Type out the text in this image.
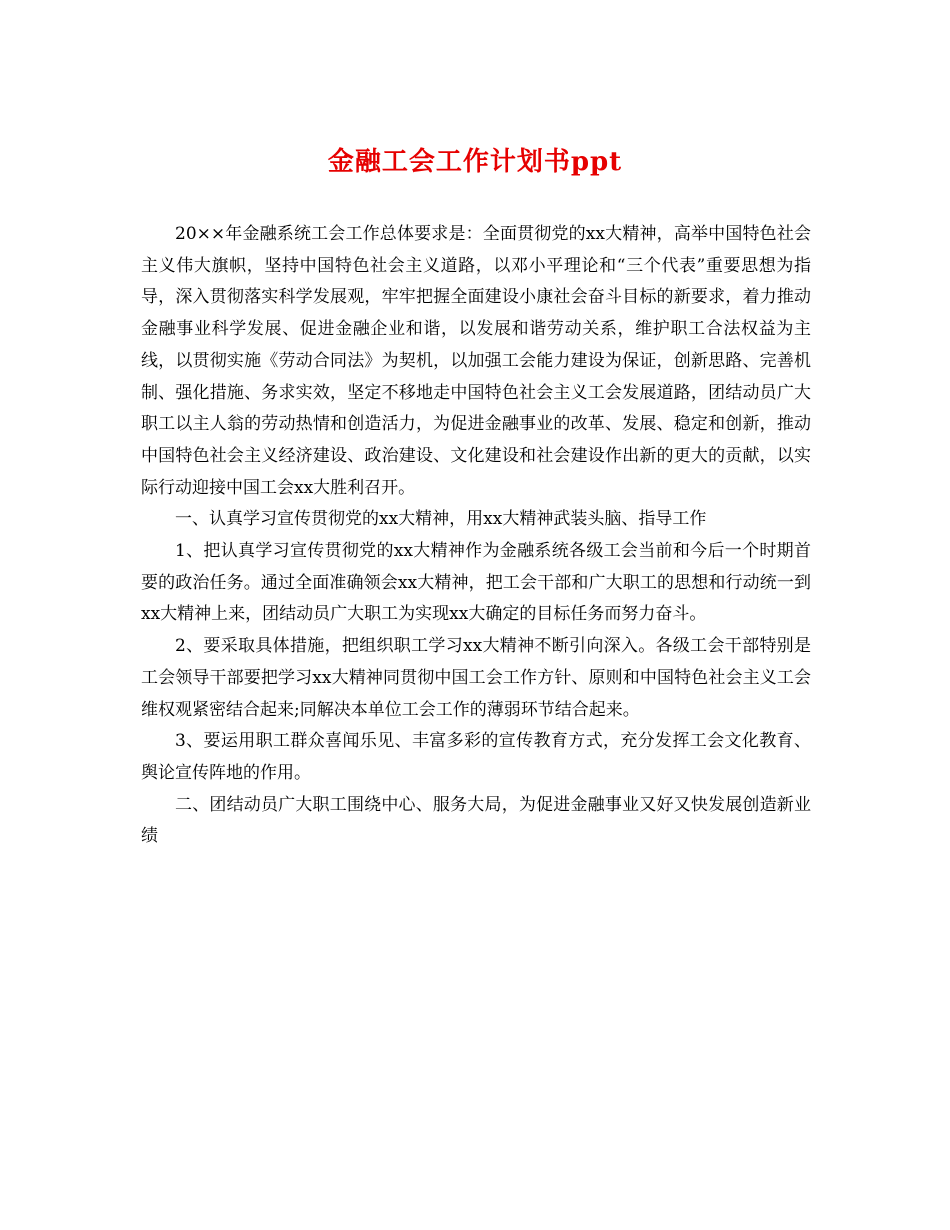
金融工会工作计划书ppt

20××年金融系统工会工作总体要求是：全面贯彻党的xx大精神，高举中国特色社会主义伟大旗帜，坚持中国特色社会主义道路，以邓小平理论和“三个代表”重要思想为指导，深入贯彻落实科学发展观，牢牢把握全面建设小康社会奋斗目标的新要求，着力推动金融事业科学发展、促进金融企业和谐，以发展和谐劳动关系，维护职工合法权益为主线，以贯彻实施《劳动合同法》为契机，以加强工会能力建设为保证，创新思路、完善机制、强化措施、务求实效，坚定不移地走中国特色社会主义工会发展道路，团结动员广大职工以主人翁的劳动热情和创造活力，为促进金融事业的改革、发展、稳定和创新，推动中国特色社会主义经济建设、政治建设、文化建设和社会建设作出新的更大的贡献，以实际行动迎接中国工会xx大胜利召开。

一、认真学习宣传贯彻党的xx大精神，用xx大精神武装头脑、指导工作

1、把认真学习宣传贯彻党的xx大精神作为金融系统各级工会当前和今后一个时期首要的政治任务。通过全面准确领会xx大精神，把工会干部和广大职工的思想和行动统一到xx大精神上来，团结动员广大职工为实现xx大确定的目标任务而努力奋斗。

2、要采取具体措施，把组织职工学习xx大精神不断引向深入。各级工会干部特别是工会领导干部要把学习xx大精神同贯彻中国工会工作方针、原则和中国特色社会主义工会维权观紧密结合起来;同解决本单位工会工作的薄弱环节结合起来。

3、要运用职工群众喜闻乐见、丰富多彩的宣传教育方式，充分发挥工会文化教育、舆论宣传阵地的作用。

二、团结动员广大职工围绕中心、服务大局，为促进金融事业又好又快发展创造新业绩
